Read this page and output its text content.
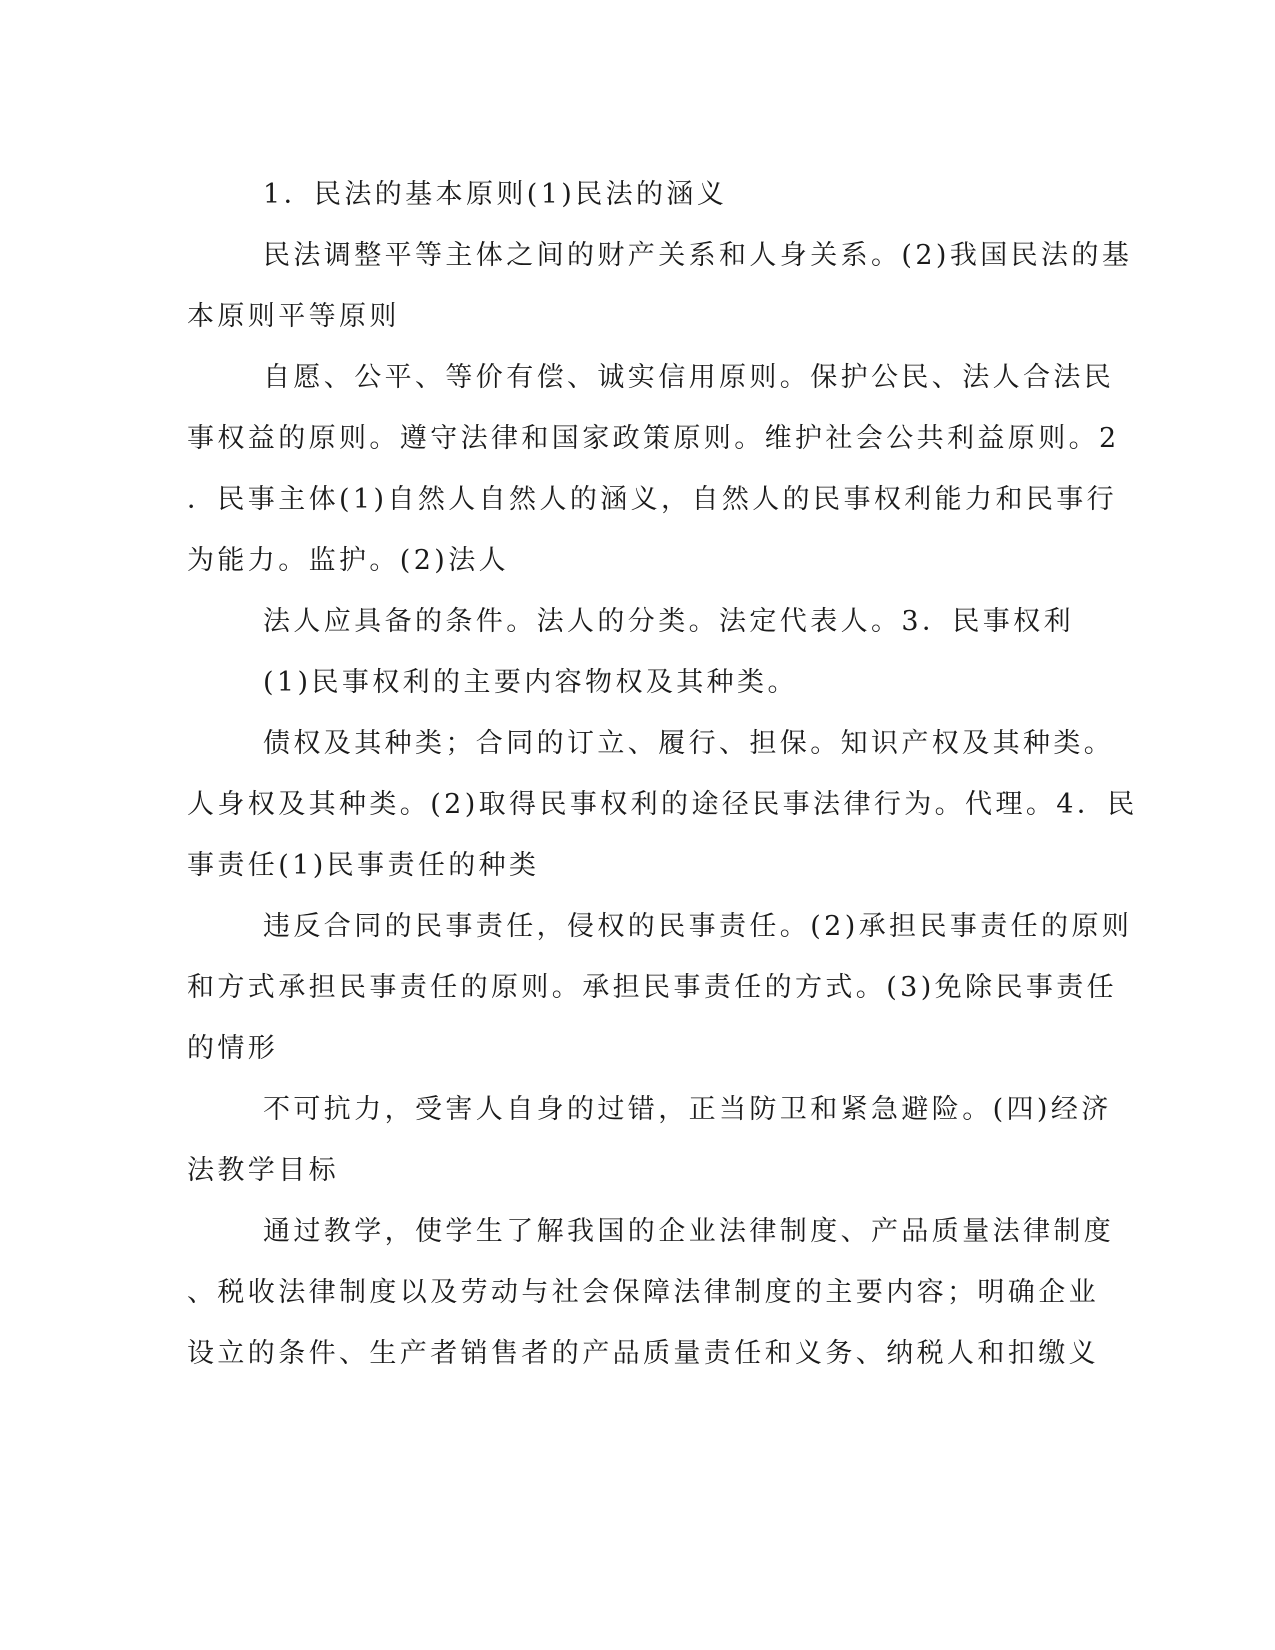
1．民法的基本原则(1)民法的涵义
民法调整平等主体之间的财产关系和人身关系。(2)我国民法的基
本原则平等原则
自愿、公平、等价有偿、诚实信用原则。保护公民、法人合法民
事权益的原则。遵守法律和国家政策原则。维护社会公共利益原则。2
．民事主体(1)自然人自然人的涵义，自然人的民事权利能力和民事行
为能力。监护。(2)法人
法人应具备的条件。法人的分类。法定代表人。3．民事权利
(1)民事权利的主要内容物权及其种类。
债权及其种类；合同的订立、履行、担保。知识产权及其种类。
人身权及其种类。(2)取得民事权利的途径民事法律行为。代理。4．民
事责任(1)民事责任的种类
违反合同的民事责任，侵权的民事责任。(2)承担民事责任的原则
和方式承担民事责任的原则。承担民事责任的方式。(3)免除民事责任
的情形
不可抗力，受害人自身的过错，正当防卫和紧急避险。(四)经济
法教学目标
通过教学，使学生了解我国的企业法律制度、产品质量法律制度
、税收法律制度以及劳动与社会保障法律制度的主要内容；明确企业
设立的条件、生产者销售者的产品质量责任和义务、纳税人和扣缴义
